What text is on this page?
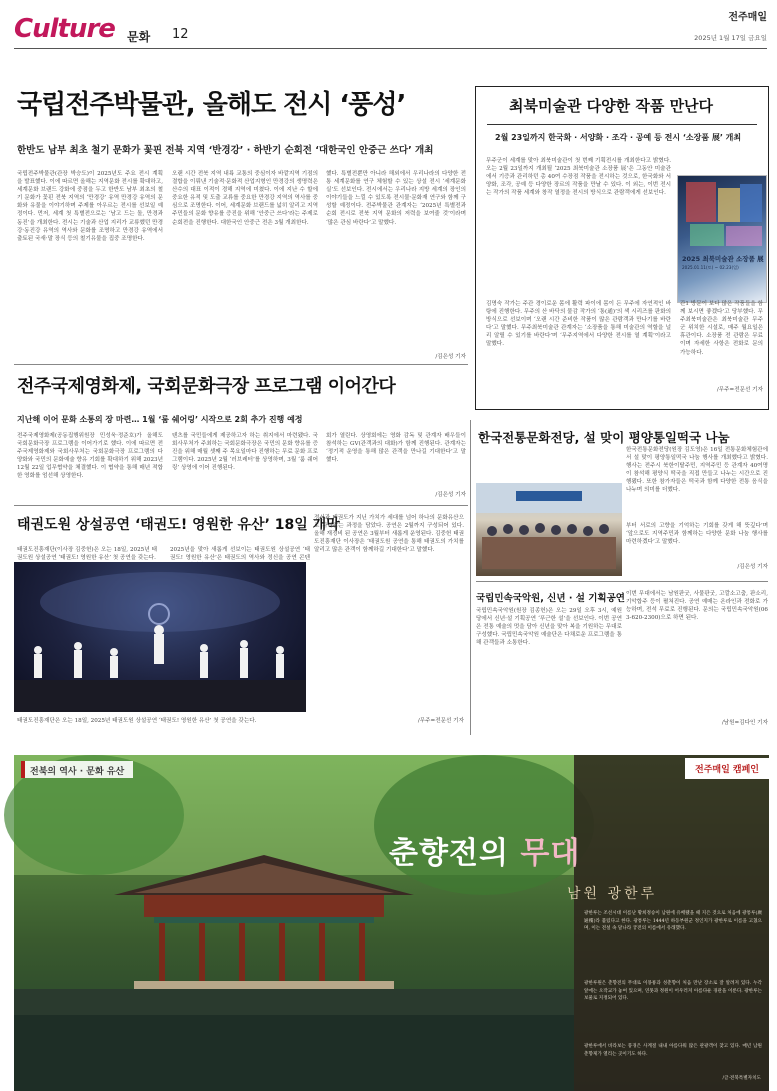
Culture 문화 12
전주매일
2025년 1월 17일 금요일
국립전주박물관, 올해도 전시 ‘풍성’
한반도 남부 최초 철기 문화가 꽃핀 전북 지역 ‘반경강’ · 하반기 순회전 ‘대한국인 안중근 쓰다’ 개최
국립전주박물관(관장 박승도)이 2025년도 주요 전시 계획을 발표했다. 이에 따르면 올해는 지역문화 전시를 확대하고, 세계문화 브랜드 강화에 중점을 두고 한반도 남부 최초의 철기 문화가 꽃핀 전북 지역의 ‘만경강’ 유역 만경강 유역의 문화와 유물을 이야기하며 주제를 아우르는 전시를 선보일 예정이다. 먼저, 세계 첫 특별전으로는 ‘남고 드는 돌, 만경과 동진’을 개최한다. 전시는 기술과 산업 지리가 교류했던 만경강·동진강 유역의 역사와 문화를 조명하고 만경강 유역에서 출토된 국새·말 장식 등의 철기유물을 집중 조명한다.
오랜 시간 전북 지역 내륙 교통의 중심이자 바깥지역 기점의 결합을 이뤄낸 기술적·문화적 산업지형인 만경강의 생명력은 산수의 대표 이적이 경해 지역에 미쳤다. 이에 지난 수 할에 중요한 유적 및 도출 교류를 중요한 만경강 지역의 역사를 중심으로 조명한다. 이어, 세계문화 브랜드를 넓히 알리고 지역 주민들의 문화 향유를 증진을 위해 ‘안중근 쓰다’라는 주제로 순회전을 진행한다. 대한국인 안중근 전은 3월 개최한다.
했다. 특별전뿐만 아니라 해외에서 우리나라의 다양한 전통 세계문화를 연구 체험할 수 있는 상설 전시 ‘세계문화실’도 선보인다. 전시에서는 우리나라 지방 세계의 장인의 이야기들을 느낄 수 있도록 전시물·문화재 연구와 함께 구성할 예정이다. 전주박물관 관계자는 ‘2025년 특별전과 순회 전시로 전북 지역 문화의 저력을 보여줄 것’이라며 ‘많은 관심 바란다’고 말했다.
/김은성 기자
최북미술관 다양한 작품 만난다
2월 23일까지 한국화 · 서양화 · 조각 · 공예 등 전시 ‘소장품 展’ 개최
무주군이 세계를 맞아 최북미술관이 첫 번째 기획전시를 개최한다고 밝혔다. 오는 2월 23일까지 개최될 ‘2025 최북미술관 소장품 展’은 그동안 미술관에서 기증과 관리하던 총 40여 수장점 작품을 전시하는 것으로, 한국화와 서양화, 조각, 공예 등 다양한 장르의 작품을 만날 수 있다. 이 외는, 이번 전시는 작가의 작품 세계와 창작 열정을 전시의 방식으로 관람객에게 선보인다.
2025 최북미술관 소장품 展
2025.01.11(토) ~ 02.23(일)
김명숙 작가는 주관 경이로운 몸에 활력 파이에 몸이 든 무주에 자연적인 바탕에 진행한다. 무주의 산 바닥의 물감 작가의 ‘통(通)’의 색 시리즈를 판화의 방식으로 선보이며 ‘오랜 시간 준비한 작품이 많은 관람객과 만나기를 바란다’고 말했다. 무주최북미술관 관계자는 ‘소장품을 통해 미술관의 역할을 널리 알릴 수 있기를 바란다’며 ‘무주지역에서 다양한 전시를 열 계획’이라고 말했다.
관1 방문이 보다 많은 작품들을 함께 보시면 좋겠다’고 당부했다. 무주최북미술관은 최북미술관 무주군 위치한 시설로, 매주 월요일은 휴관이다. 소장품 전 관람은 무료이며 자세한 사항은 전화로 문의 가능하다.
/무주=전문선 기자
전주국제영화제, 국회문화극장 프로그램 이어간다
지난해 이어 문화 소통의 장 마련… 1월 ‘룸 쉐어링’ 시작으로 2회 추가 진행 예정
전주국제영화제(공동집행위원장 민성욱·정준호)가 올해도 국회문화극장 프로그램을 이어가기로 했다. 이에 따르면 전주국제영화제와 국회사무처는 국회문화극장 프로그램의 다양화와 국민의 문화예술 향유 기회를 확대하기 위해 2023년 12월 22일 업무협약을 체결했다. 이 협약을 통해 매년 적합한 영화를 엄선해 상영한다.
텐츠를 국민들에게 제공하고자 하는 취지에서 마련됐다. 국회사무처가 주최하는 국회문화극장은 국민의 문화 향유를 증진을 위해 매월 셋째 주 목요일마다 진행하는 무료 문화 프로그램이다. 2025년 2월 ‘러브레터’를 상영하며, 3월 ‘룸 쉐어링’ 상영에 이어 진행된다.
회가 열린다. 상영회에는 영화 감독 및 관계자 배우들이 참석하는 GV(관객과의 대화)가 함께 진행된다. 관계자는 ‘정기적 운영을 통해 많은 관객을 만나길 기대한다’고 말했다.
/김은성 기자
한국전통문화전당, 설 맞이 평양통일떡국 나눔
부터 서로의 고향을 기억하는 기회를 갖게 해 뜻깊다’며 ‘앞으로도 지역주민과 함께하는 다양한 문화 나눔 행사를 마련하겠다’고 말했다.
/김은성 기자
태권도원 상설공연 ‘태권도! 영원한 유산’ 18일 개막
태권도진흥재단(이사장 김중헌)은 오는 18일, 2025년 태권도원 상설공연 ‘태권도! 영원한 유산’ 첫 공연을 갖는다.
2025년을 맞아 새롭게 선보이는 태권도원 상설공연 ‘태권도! 영원한 유산’은 태권도의 역사와 정신을 공연 콘텐
태권도진흥재단은 오는 18일, 2025년 태권도원 상설공연 ‘태권도! 영원한 유산’ 첫 공연을 갖는다.
정신과 태권도가 지닌 가치가 세대를 넘어 하나의 문화유산으로 자리잡는 과정을 담았다. 공연은 2월까지 구성되어 있다. 올해 재정비 된 공연은 3월부터 새롭게 운영된다. 김중헌 태권도진흥재단 이사장은 ‘태권도원 공연을 통해 태권도의 가치를 알리고 많은 관객이 함께하길 기대한다’고 말했다.
/무주=전문선 기자
국립민속국악원, 신년 · 설 기획공연
국립민속국악원(원장 김종헌)은 오는 29일 오후 3시, 예원당에서 신년·설 기획공연 ‘푸근한 설’을 선보인다. 이번 공연은 전통 예술의 멋을 담아 신년을 맞아 복을 기원하는 무대로 구성했다. 국립민속국악원 예술단은 다채로운 프로그램을 통해 관객들과 소통한다.
이번 무대에서는 남원판굿, 사물판굿, 고깔소고춤, 판소리, 기악합주 등이 펼쳐진다. 공연 예매는 온라인과 전화로 가능하며, 전석 무료로 진행된다. 문의는 국립민속국악원(063-620-2300)으로 하면 된다.
/남원=김다인 기자
한국전통문화전당(원장 김도영)은 16일 전통문화체험관에서 설 맞이 평양통일떡국 나눔 행사를 개최했다고 밝혔다. 행사는 전주시 북한이탈주민, 지역주민 등 관계자 40여명이 참석해 평양식 떡국을 직접 만들고 나누는 시간으로 진행됐다. 또한 참가자들은 떡국과 함께 다양한 전통 음식을 나누며 의미를 더했다.
전북의 역사 · 문화 유산	전주매일 캠페인
춘향전의 무대
남원 광한루
광한루는 조선시대 이름난 황희정승이 남원에 유배됐을 때 지은 것으로 처음에 광통루(廣通樓)라 불렀다고 한다. 광통루는 1444년 하동부원군 정인지가 광한루로 이름을 고쳤으며, 이는 전설 속 달나라 궁전의 이름에서 유래했다.
광한루원은 춘향전의 무대로 이몽룡과 성춘향이 처음 만난 장소로 잘 알려져 있다. 누각 앞에는 오작교가 놓여 있으며, 연못과 정원이 어우러져 아름다운 경관을 이룬다. 광한루는 보물로 지정되어 있다.
광한루에서 바라보는 풍경은 사계절 내내 아름다워 많은 관광객이 찾고 있다. 매년 남원 춘향제가 열리는 곳이기도 하다.
/글·전북특별자치도
